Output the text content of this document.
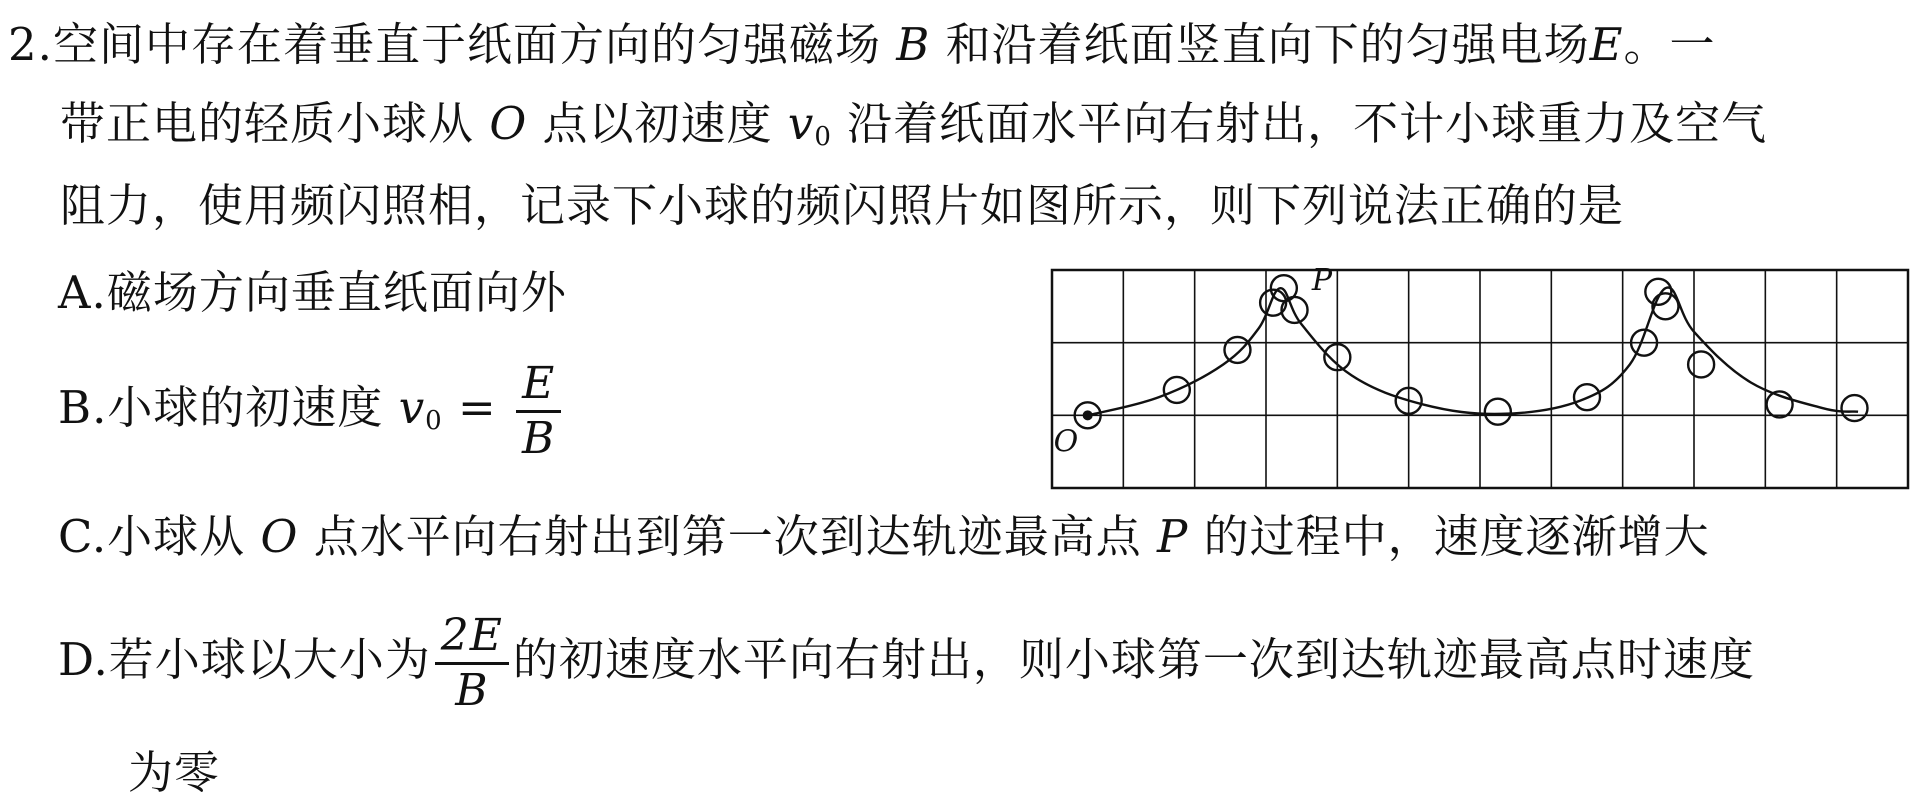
2.空间中存在着垂直于纸面方向的匀强磁场 B 和沿着纸面竖直向下的匀强电场E。一
带正电的轻质小球从 O 点以初速度 $v_0$ 沿着纸面水平向右射出，不计小球重力及空气
阻力，使用频闪照相，记录下小球的频闪照片如图所示，则下列说法正确的是
A.磁场方向垂直纸面向外
B.小球的初速度 $v_0 = \frac{E}{B}$
C.小球从 O 点水平向右射出到第一次到达轨迹最高点 P 的过程中，速度逐渐增大
D.若小球以大小为 $\frac{2E}{B}$ 的初速度水平向右射出，则小球第一次到达轨迹最高点时速度
为零
O
P
